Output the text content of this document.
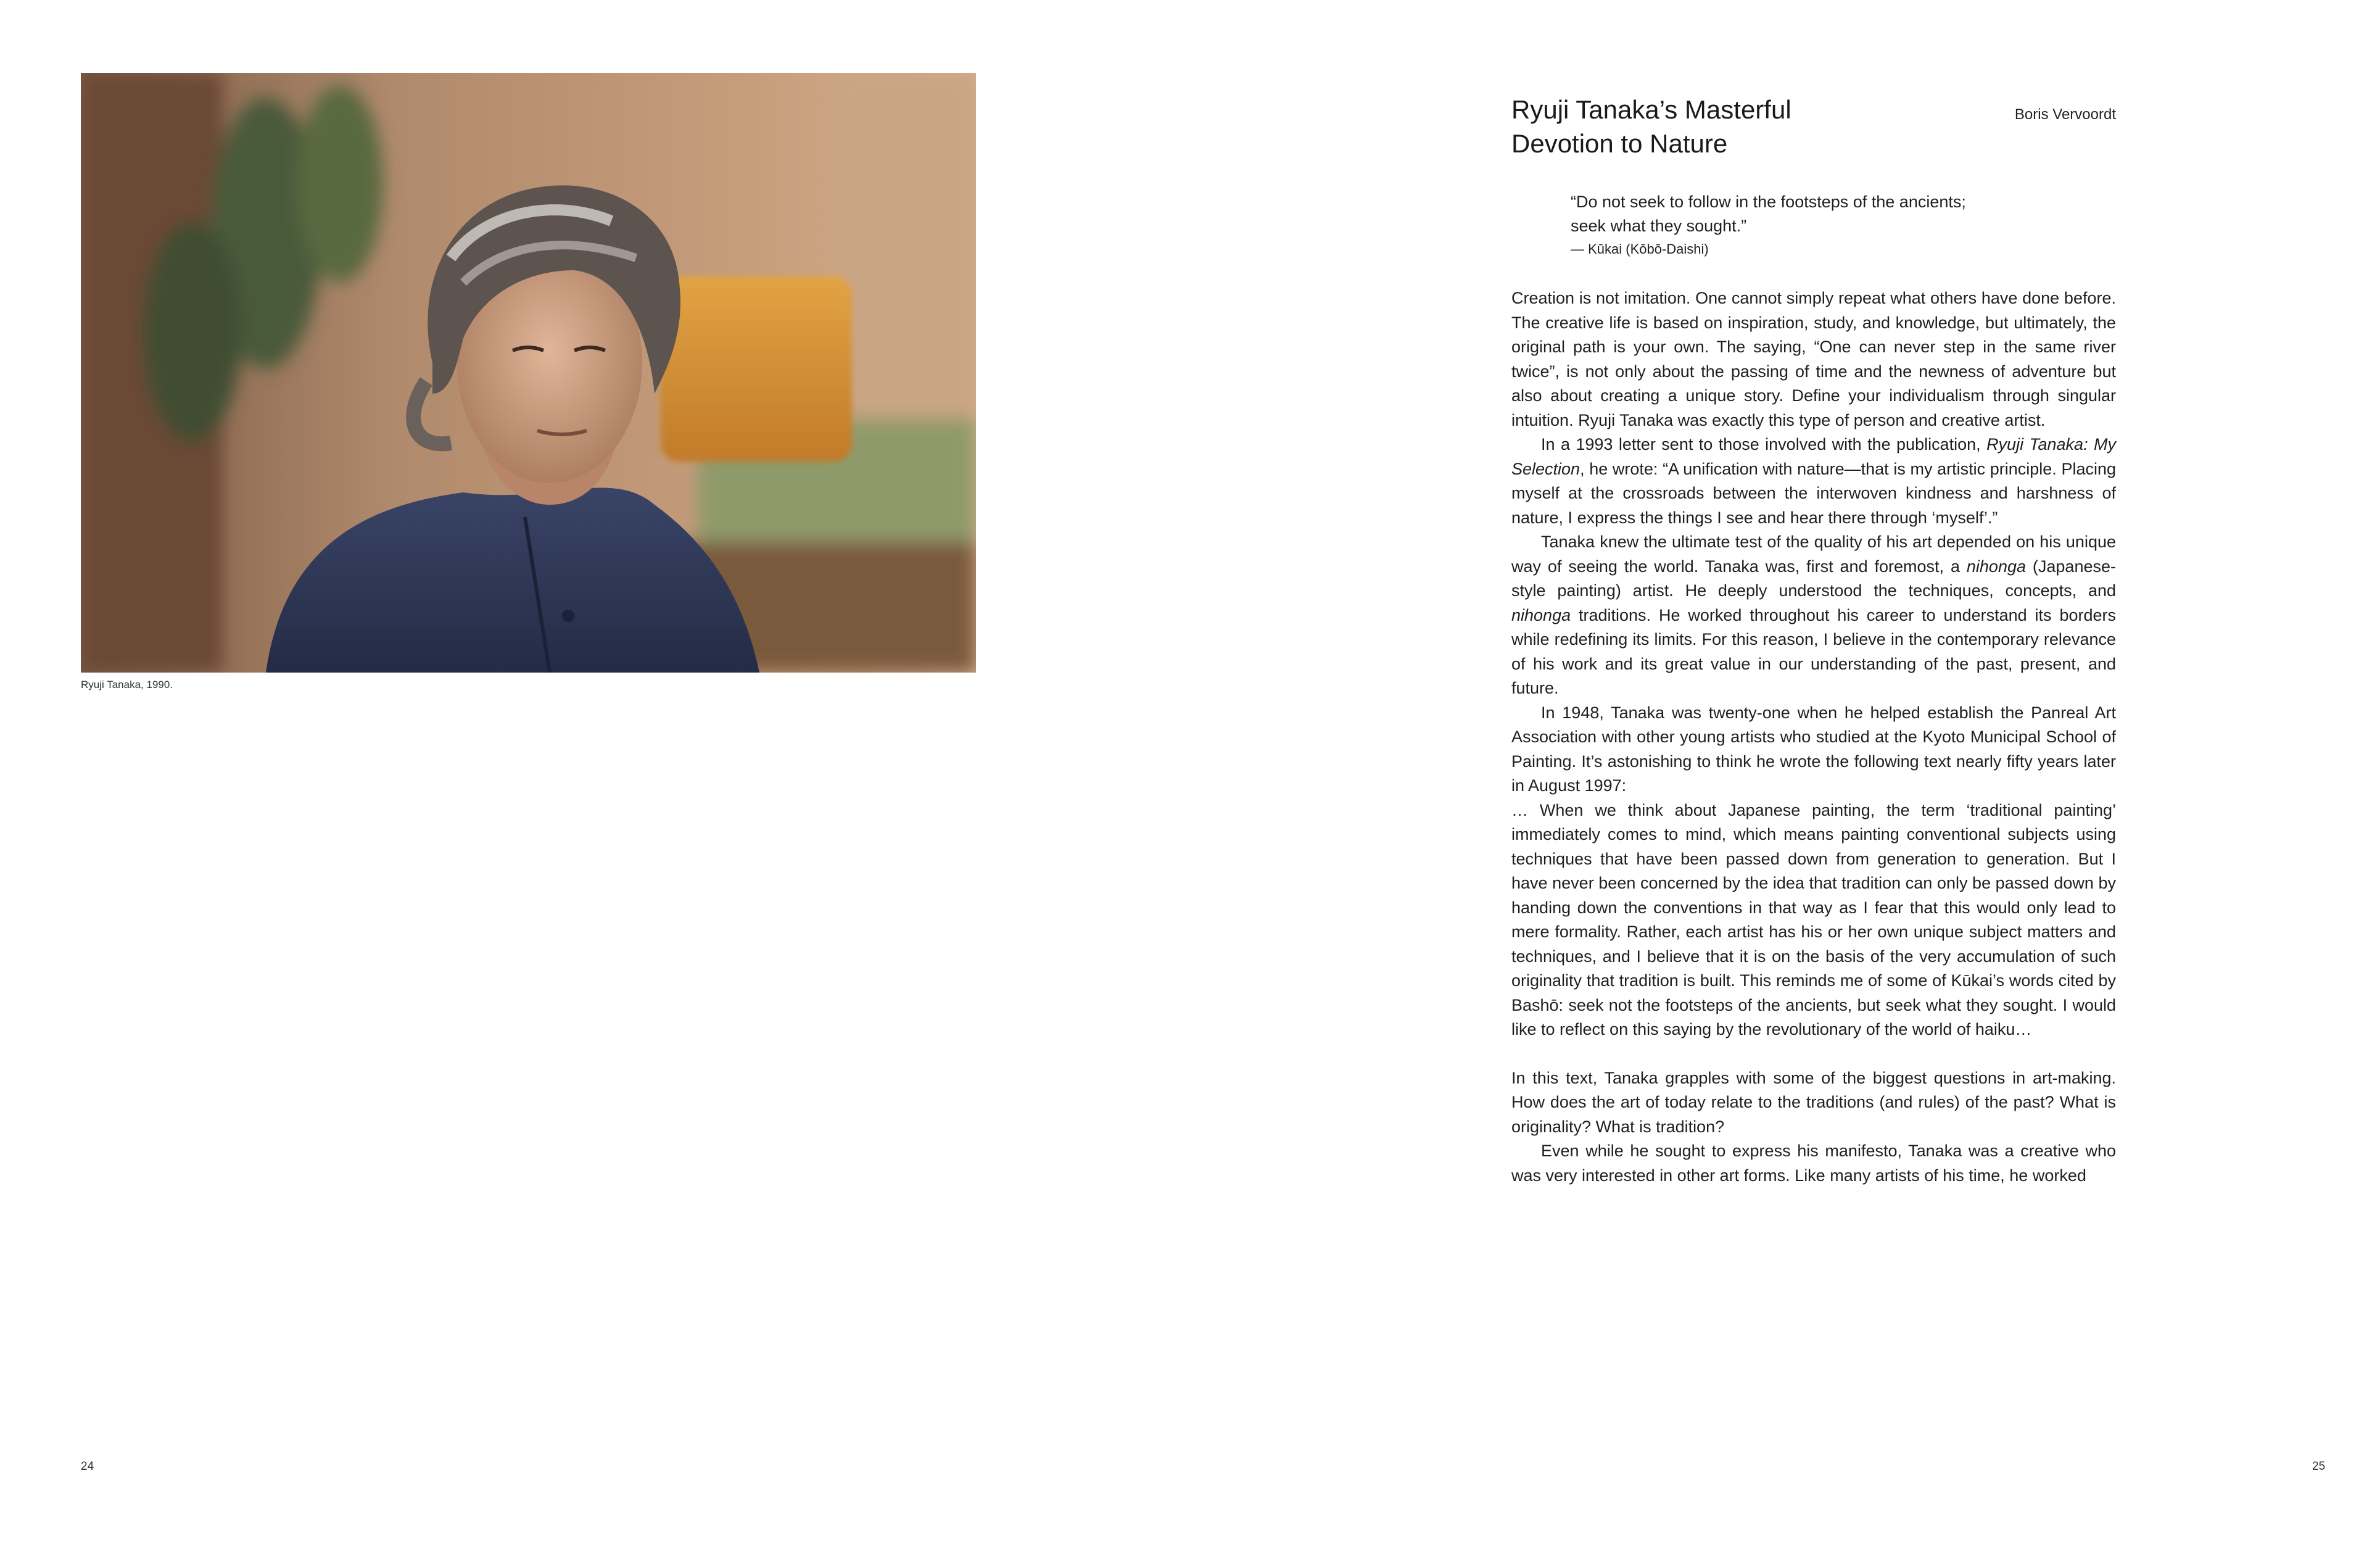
Ryuji Tanaka, 1990.
24
Ryuji Tanaka’s Masterful
Devotion to Nature
Boris Vervoordt
“Do not seek to follow in the footsteps of the ancients;
seek what they sought.”
— Kūkai (Kōbō-Daishi)

Creation is not imitation. One cannot simply repeat what others have done before. The creative life is based on inspiration, study, and knowledge, but ultimately, the original path is your own. The saying, “One can never step in the same river twice”, is not only about the passing of time and the newness of adventure but also about creating a unique story. Define your individualism through singular intuition. Ryuji Tanaka was exactly this type of person and creative artist.

In a 1993 letter sent to those involved with the publication, Ryuji Tanaka: My Selection, he wrote: “A unification with nature—that is my artistic principle. Placing myself at the crossroads between the interwoven kindness and harshness of nature, I express the things I see and hear there through ‘myself’.”

Tanaka knew the ultimate test of the quality of his art depended on his unique way of seeing the world. Tanaka was, first and foremost, a nihonga (Japanese-style painting) artist. He deeply understood the techniques, concepts, and nihonga traditions. He worked throughout his career to understand its borders while redefining its limits. For this reason, I believe in the contemporary relevance of his work and its great value in our understanding of the past, present, and future.

In 1948, Tanaka was twenty-one when he helped establish the Panreal Art Association with other young artists who studied at the Kyoto Municipal School of Painting. It’s astonishing to think he wrote the following text nearly fifty years later in August 1997:

… When we think about Japanese painting, the term ‘traditional painting’ immediately comes to mind, which means painting conventional subjects using techniques that have been passed down from generation to generation. But I have never been concerned by the idea that tradition can only be passed down by handing down the conventions in that way as I fear that this would only lead to mere formality. Rather, each artist has his or her own unique subject matters and techniques, and I believe that it is on the basis of the very accumulation of such originality that tradition is built. This reminds me of some of Kūkai’s words cited by Bashō: seek not the footsteps of the ancients, but seek what they sought. I would like to reflect on this saying by the revolutionary of the world of haiku…

In this text, Tanaka grapples with some of the biggest questions in art-making. How does the art of today relate to the traditions (and rules) of the past? What is originality? What is tradition?

Even while he sought to express his manifesto, Tanaka was a creative who was very interested in other art forms. Like many artists of his time, he worked

25
